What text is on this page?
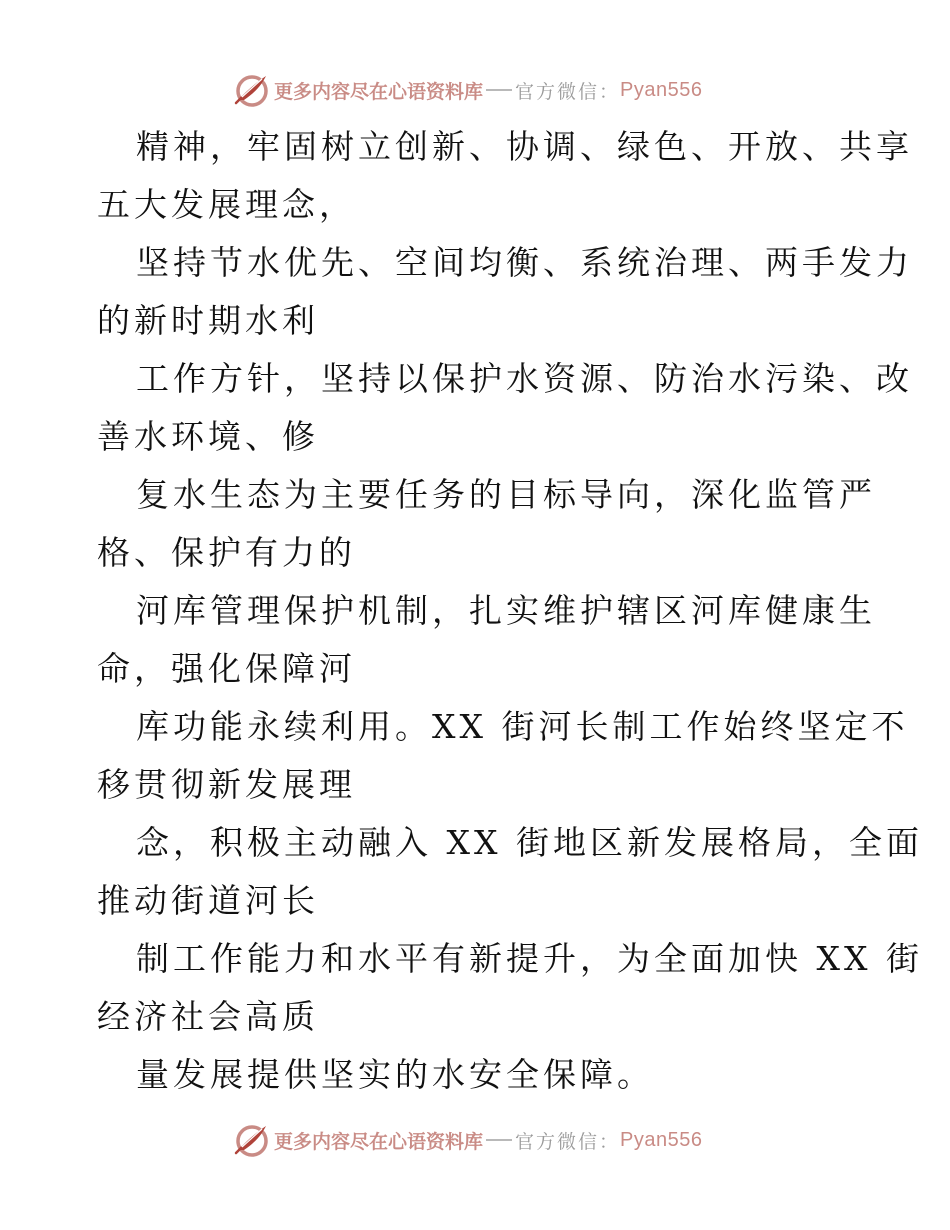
更多内容尽在心语资料库 官方微信： Pyan556
精神，牢固树立创新、协调、绿色、开放、共享
五大发展理念，
坚持节水优先、空间均衡、系统治理、两手发力
的新时期水利
工作方针，坚持以保护水资源、防治水污染、改
善水环境、修
复水生态为主要任务的目标导向，深化监管严
格、保护有力的
河库管理保护机制，扎实维护辖区河库健康生
命，强化保障河
库功能永续利用。XX 街河长制工作始终坚定不
移贯彻新发展理
念，积极主动融入 XX 街地区新发展格局，全面
推动街道河长
制工作能力和水平有新提升，为全面加快 XX 街
经济社会高质
量发展提供坚实的水安全保障。
更多内容尽在心语资料库 官方微信： Pyan556
